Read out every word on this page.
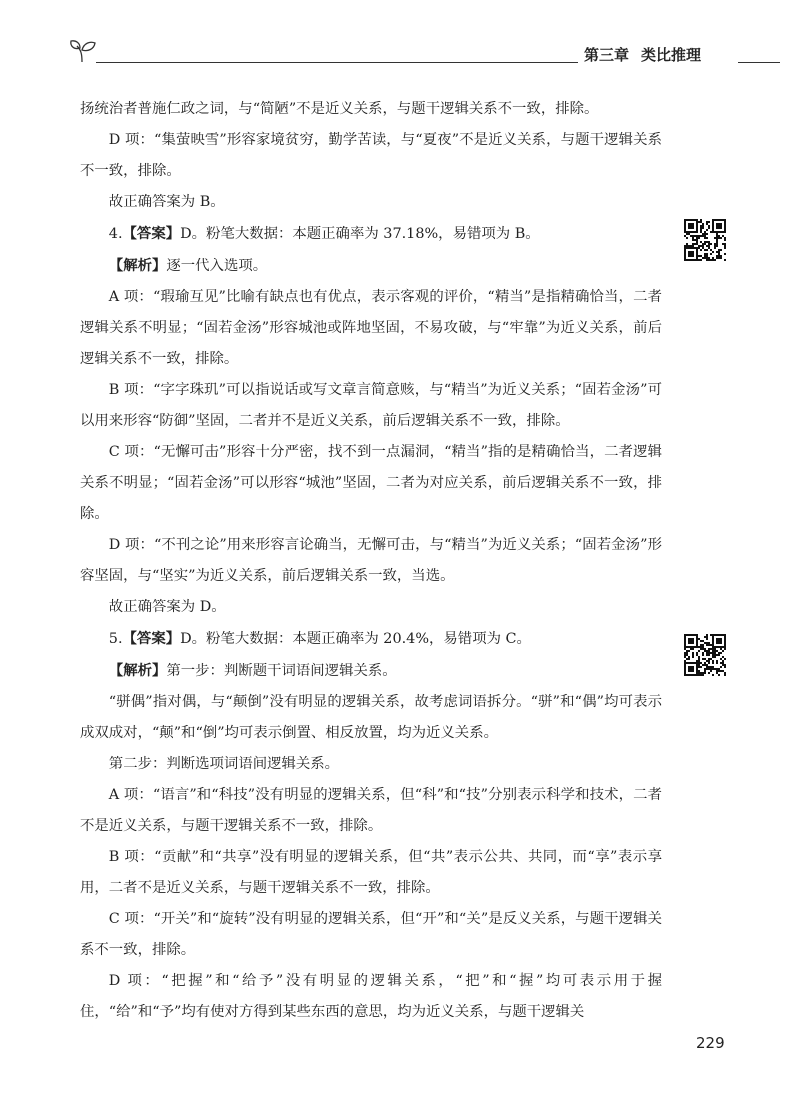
第三章 类比推理

扬统治者普施仁政之词，与“简陋”不是近义关系，与题干逻辑关系不一致，排除。

D 项：“集萤映雪”形容家境贫穷，勤学苦读，与“夏夜”不是近义关系，与题干逻辑关系不一致，排除。

故正确答案为 B。

4.【答案】D。粉笔大数据：本题正确率为 37.18%，易错项为 B。

【解析】逐一代入选项。

A 项：“瑕瑜互见”比喻有缺点也有优点，表示客观的评价，“精当”是指精确恰当，二者逻辑关系不明显；“固若金汤”形容城池或阵地坚固，不易攻破，与“牢靠”为近义关系，前后逻辑关系不一致，排除。

B 项：“字字珠玑”可以指说话或写文章言简意赅，与“精当”为近义关系；“固若金汤”可以用来形容“防御”坚固，二者并不是近义关系，前后逻辑关系不一致，排除。

C 项：“无懈可击”形容十分严密，找不到一点漏洞，“精当”指的是精确恰当，二者逻辑关系不明显；“固若金汤”可以形容“城池”坚固，二者为对应关系，前后逻辑关系不一致，排除。

D 项：“不刊之论”用来形容言论确当，无懈可击，与“精当”为近义关系；“固若金汤”形容坚固，与“坚实”为近义关系，前后逻辑关系一致，当选。

故正确答案为 D。

5.【答案】D。粉笔大数据：本题正确率为 20.4%，易错项为 C。

【解析】第一步：判断题干词语间逻辑关系。

“骈偶”指对偶，与“颠倒”没有明显的逻辑关系，故考虑词语拆分。“骈”和“偶”均可表示成双成对，“颠”和“倒”均可表示倒置、相反放置，均为近义关系。

第二步：判断选项词语间逻辑关系。

A 项：“语言”和“科技”没有明显的逻辑关系，但“科”和“技”分别表示科学和技术，二者不是近义关系，与题干逻辑关系不一致，排除。

B 项：“贡献”和“共享”没有明显的逻辑关系，但“共”表示公共、共同，而“享”表示享用，二者不是近义关系，与题干逻辑关系不一致，排除。

C 项：“开关”和“旋转”没有明显的逻辑关系，但“开”和“关”是反义关系，与题干逻辑关系不一致，排除。

D 项：“把握”和“给予”没有明显的逻辑关系，“把”和“握”均可表示用于握住，“给”和“予”均有使对方得到某些东西的意思，均为近义关系，与题干逻辑关

229
